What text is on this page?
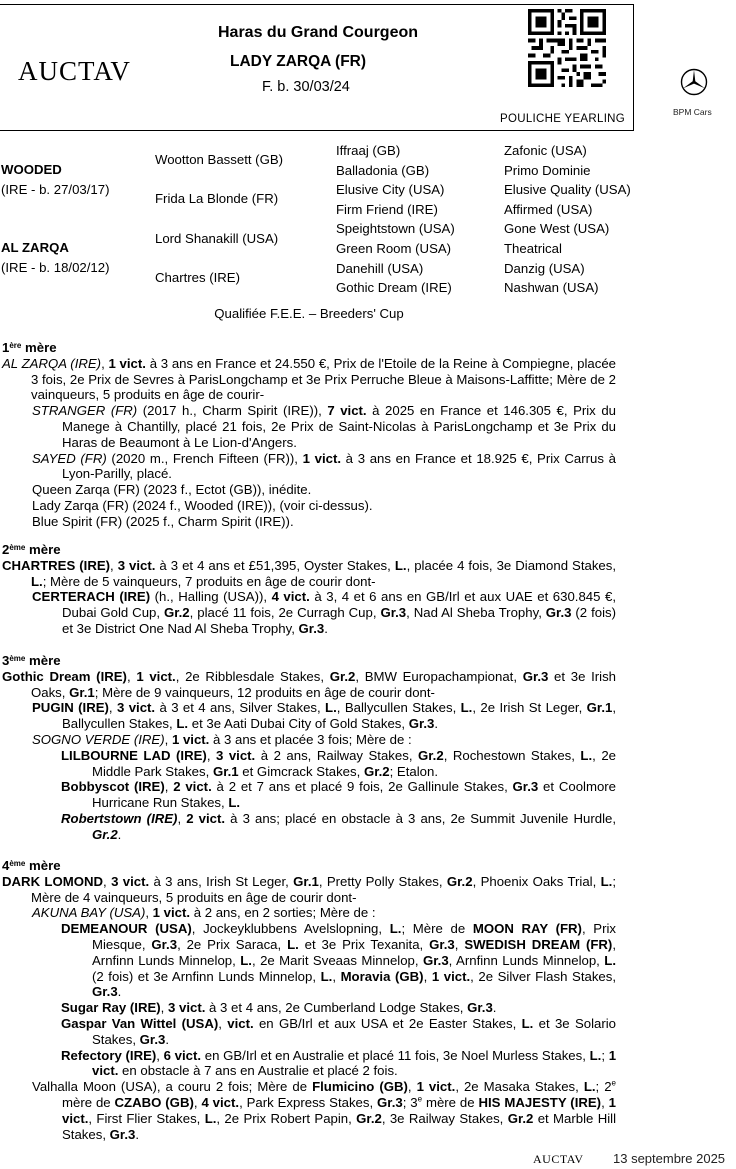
AUCTAV
Haras du Grand Courgeon
LADY ZARQA (FR)
F. b. 30/03/24
POULICHE YEARLING
BPM Cars
WOODED
(IRE - b. 27/03/17)
AL ZARQA
(IRE - b. 18/02/12)
Wootton Bassett (GB)
Frida La Blonde (FR)
Lord Shanakill (USA)
Chartres (IRE)
Iffraaj (GB)
Balladonia (GB)
Elusive City (USA)
Firm Friend (IRE)
Speightstown (USA)
Green Room (USA)
Danehill (USA)
Gothic Dream (IRE)
Zafonic (USA)
Primo Dominie
Elusive Quality (USA)
Affirmed (USA)
Gone West (USA)
Theatrical
Danzig (USA)
Nashwan (USA)
Qualifiée F.E.E. – Breeders' Cup
1ère mère
AL ZARQA (IRE), 1 vict. à 3 ans en France et 24.550 €, Prix de l'Etoile de la Reine à Compiegne, placée 3 fois, 2e Prix de Sevres à ParisLongchamp et 3e Prix Perruche Bleue à Maisons-Laffitte; Mère de 2 vainqueurs, 5 produits en âge de courir-
STRANGER (FR) (2017 h., Charm Spirit (IRE)), 7 vict. à 2025 en France et 146.305 €, Prix du Manege à Chantilly, placé 21 fois, 2e Prix de Saint-Nicolas à ParisLongchamp et 3e Prix du Haras de Beaumont à Le Lion-d'Angers.
SAYED (FR) (2020 m., French Fifteen (FR)), 1 vict. à 3 ans en France et 18.925 €, Prix Carrus à Lyon-Parilly, placé.
Queen Zarqa (FR) (2023 f., Ectot (GB)), inédite.
Lady Zarqa (FR) (2024 f., Wooded (IRE)), (voir ci-dessus).
Blue Spirit (FR) (2025 f., Charm Spirit (IRE)).
2ème mère
CHARTRES (IRE), 3 vict. à 3 et 4 ans et £51,395, Oyster Stakes, L., placée 4 fois, 3e Diamond Stakes, L.; Mère de 5 vainqueurs, 7 produits en âge de courir dont-
CERTERACH (IRE) (h., Halling (USA)), 4 vict. à 3, 4 et 6 ans en GB/Irl et aux UAE et 630.845 €, Dubai Gold Cup, Gr.2, placé 11 fois, 2e Curragh Cup, Gr.3, Nad Al Sheba Trophy, Gr.3 (2 fois) et 3e District One Nad Al Sheba Trophy, Gr.3.
3ème mère
Gothic Dream (IRE), 1 vict., 2e Ribblesdale Stakes, Gr.2, BMW Europachampionat, Gr.3 et 3e Irish Oaks, Gr.1; Mère de 9 vainqueurs, 12 produits en âge de courir dont-
PUGIN (IRE), 3 vict. à 3 et 4 ans, Silver Stakes, L., Ballycullen Stakes, L., 2e Irish St Leger, Gr.1, Ballycullen Stakes, L. et 3e Aati Dubai City of Gold Stakes, Gr.3.
SOGNO VERDE (IRE), 1 vict. à 3 ans et placée 3 fois; Mère de :
LILBOURNE LAD (IRE), 3 vict. à 2 ans, Railway Stakes, Gr.2, Rochestown Stakes, L., 2e Middle Park Stakes, Gr.1 et Gimcrack Stakes, Gr.2; Etalon.
Bobbyscot (IRE), 2 vict. à 2 et 7 ans et placé 9 fois, 2e Gallinule Stakes, Gr.3 et Coolmore Hurricane Run Stakes, L.
Robertstown (IRE), 2 vict. à 3 ans; placé en obstacle à 3 ans, 2e Summit Juvenile Hurdle, Gr.2.
4ème mère
DARK LOMOND, 3 vict. à 3 ans, Irish St Leger, Gr.1, Pretty Polly Stakes, Gr.2, Phoenix Oaks Trial, L.; Mère de 4 vainqueurs, 5 produits en âge de courir dont-
AKUNA BAY (USA), 1 vict. à 2 ans, en 2 sorties; Mère de :
DEMEANOUR (USA), Jockeyklubbens Avelslopning, L.; Mère de MOON RAY (FR), Prix Miesque, Gr.3, 2e Prix Saraca, L. et 3e Prix Texanita, Gr.3, SWEDISH DREAM (FR), Arnfinn Lunds Minnelop, L., 2e Marit Sveaas Minnelop, Gr.3, Arnfinn Lunds Minnelop, L. (2 fois) et 3e Arnfinn Lunds Minnelop, L., Moravia (GB), 1 vict., 2e Silver Flash Stakes, Gr.3.
Sugar Ray (IRE), 3 vict. à 3 et 4 ans, 2e Cumberland Lodge Stakes, Gr.3.
Gaspar Van Wittel (USA), vict. en GB/Irl et aux USA et 2e Easter Stakes, L. et 3e Solario Stakes, Gr.3.
Refectory (IRE), 6 vict. en GB/Irl et en Australie et placé 11 fois, 3e Noel Murless Stakes, L.; 1 vict. en obstacle à 7 ans en Australie et placé 2 fois.
Valhalla Moon (USA), a couru 2 fois; Mère de Flumicino (GB), 1 vict., 2e Masaka Stakes, L.; 2e mère de CZABO (GB), 4 vict., Park Express Stakes, Gr.3; 3e mère de HIS MAJESTY (IRE), 1 vict., First Flier Stakes, L., 2e Prix Robert Papin, Gr.2, 3e Railway Stakes, Gr.2 et Marble Hill Stakes, Gr.3.
AUCTAV 13 septembre 2025
